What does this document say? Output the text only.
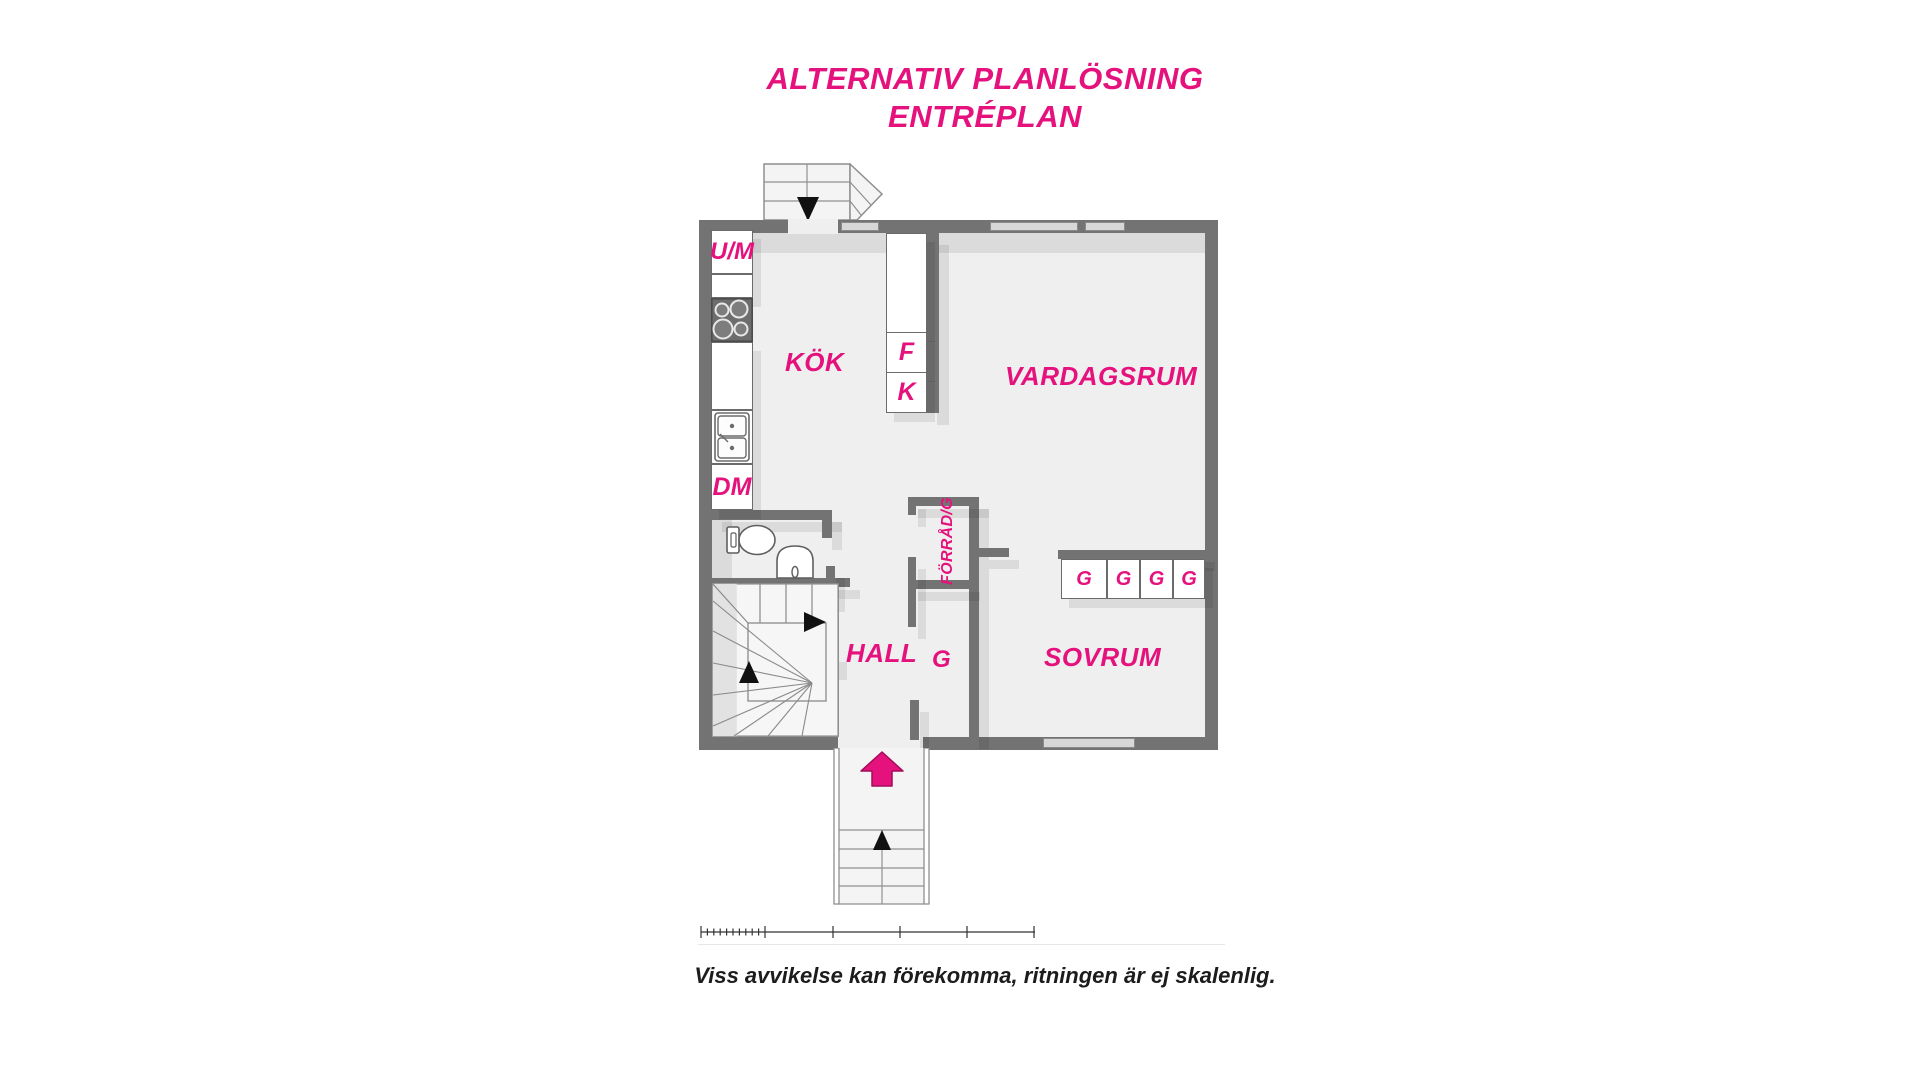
ALTERNATIV PLANLÖSNING
ENTRÉPLAN
U/M
DM
F
K
G G G G
KÖK	VARDAGSRUM
HALL	SOVRUM
G
FÖRRÅD/G
Viss avvikelse kan förekomma, ritningen är ej skalenlig.
